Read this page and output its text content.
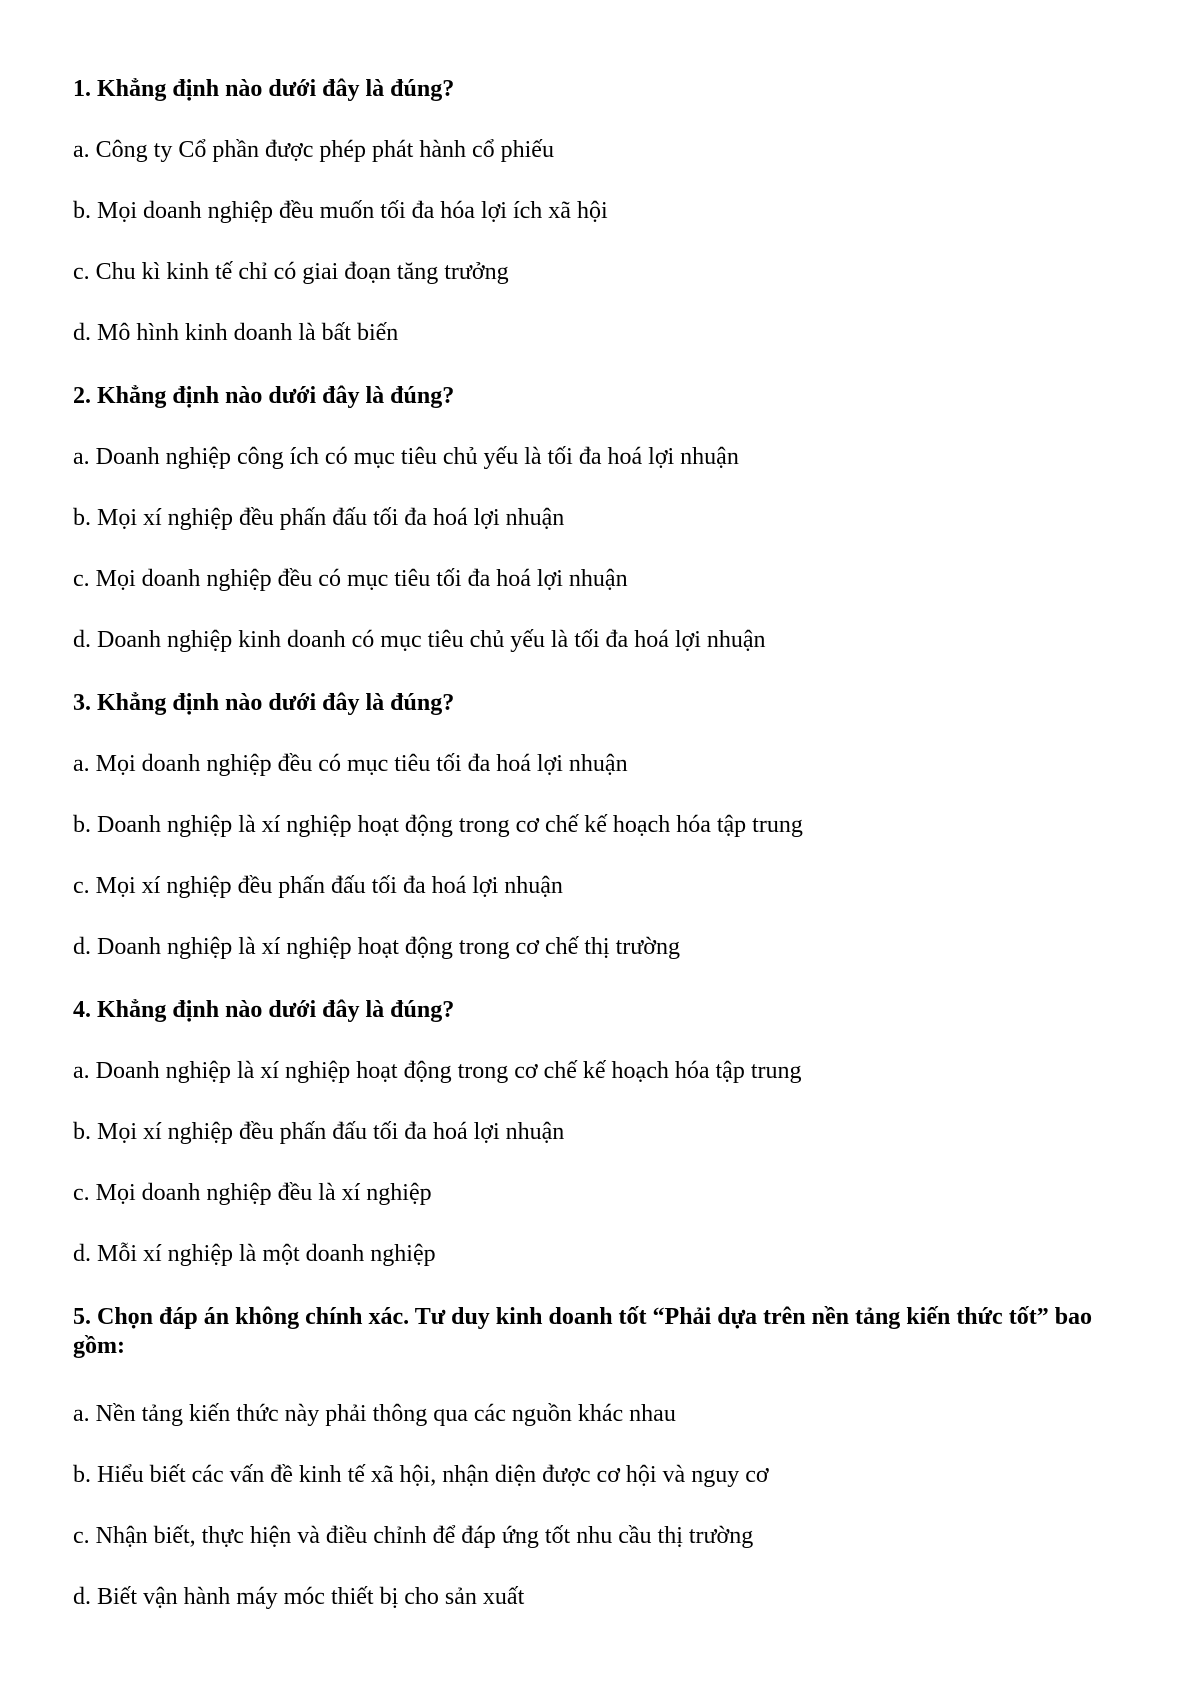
1. Khẳng định nào dưới đây là đúng?

a. Công ty Cổ phần được phép phát hành cổ phiếu

b. Mọi doanh nghiệp đều muốn tối đa hóa lợi ích xã hội

c. Chu kì kinh tế chỉ có giai đoạn tăng trưởng

d. Mô hình kinh doanh là bất biến

2. Khẳng định nào dưới đây là đúng?

a. Doanh nghiệp công ích có mục tiêu chủ yếu là tối đa hoá lợi nhuận

b. Mọi xí nghiệp đều phấn đấu tối đa hoá lợi nhuận

c. Mọi doanh nghiệp đều có mục tiêu tối đa hoá lợi nhuận

d. Doanh nghiệp kinh doanh có mục tiêu chủ yếu là tối đa hoá lợi nhuận

3. Khẳng định nào dưới đây là đúng?

a. Mọi doanh nghiệp đều có mục tiêu tối đa hoá lợi nhuận

b. Doanh nghiệp là xí nghiệp hoạt động trong cơ chế kế hoạch hóa tập trung

c. Mọi xí nghiệp đều phấn đấu tối đa hoá lợi nhuận

d. Doanh nghiệp là xí nghiệp hoạt động trong cơ chế thị trường

4. Khẳng định nào dưới đây là đúng?

a. Doanh nghiệp là xí nghiệp hoạt động trong cơ chế kế hoạch hóa tập trung

b. Mọi xí nghiệp đều phấn đấu tối đa hoá lợi nhuận

c. Mọi doanh nghiệp đều là xí nghiệp

d. Mỗi xí nghiệp là một doanh nghiệp

5. Chọn đáp án không chính xác. Tư duy kinh doanh tốt “Phải dựa trên nền tảng kiến thức tốt” bao gồm:

a. Nền tảng kiến thức này phải thông qua các nguồn khác nhau

b. Hiểu biết các vấn đề kinh tế xã hội, nhận diện được cơ hội và nguy cơ

c. Nhận biết, thực hiện và điều chỉnh để đáp ứng tốt nhu cầu thị trường

d. Biết vận hành máy móc thiết bị cho sản xuất
